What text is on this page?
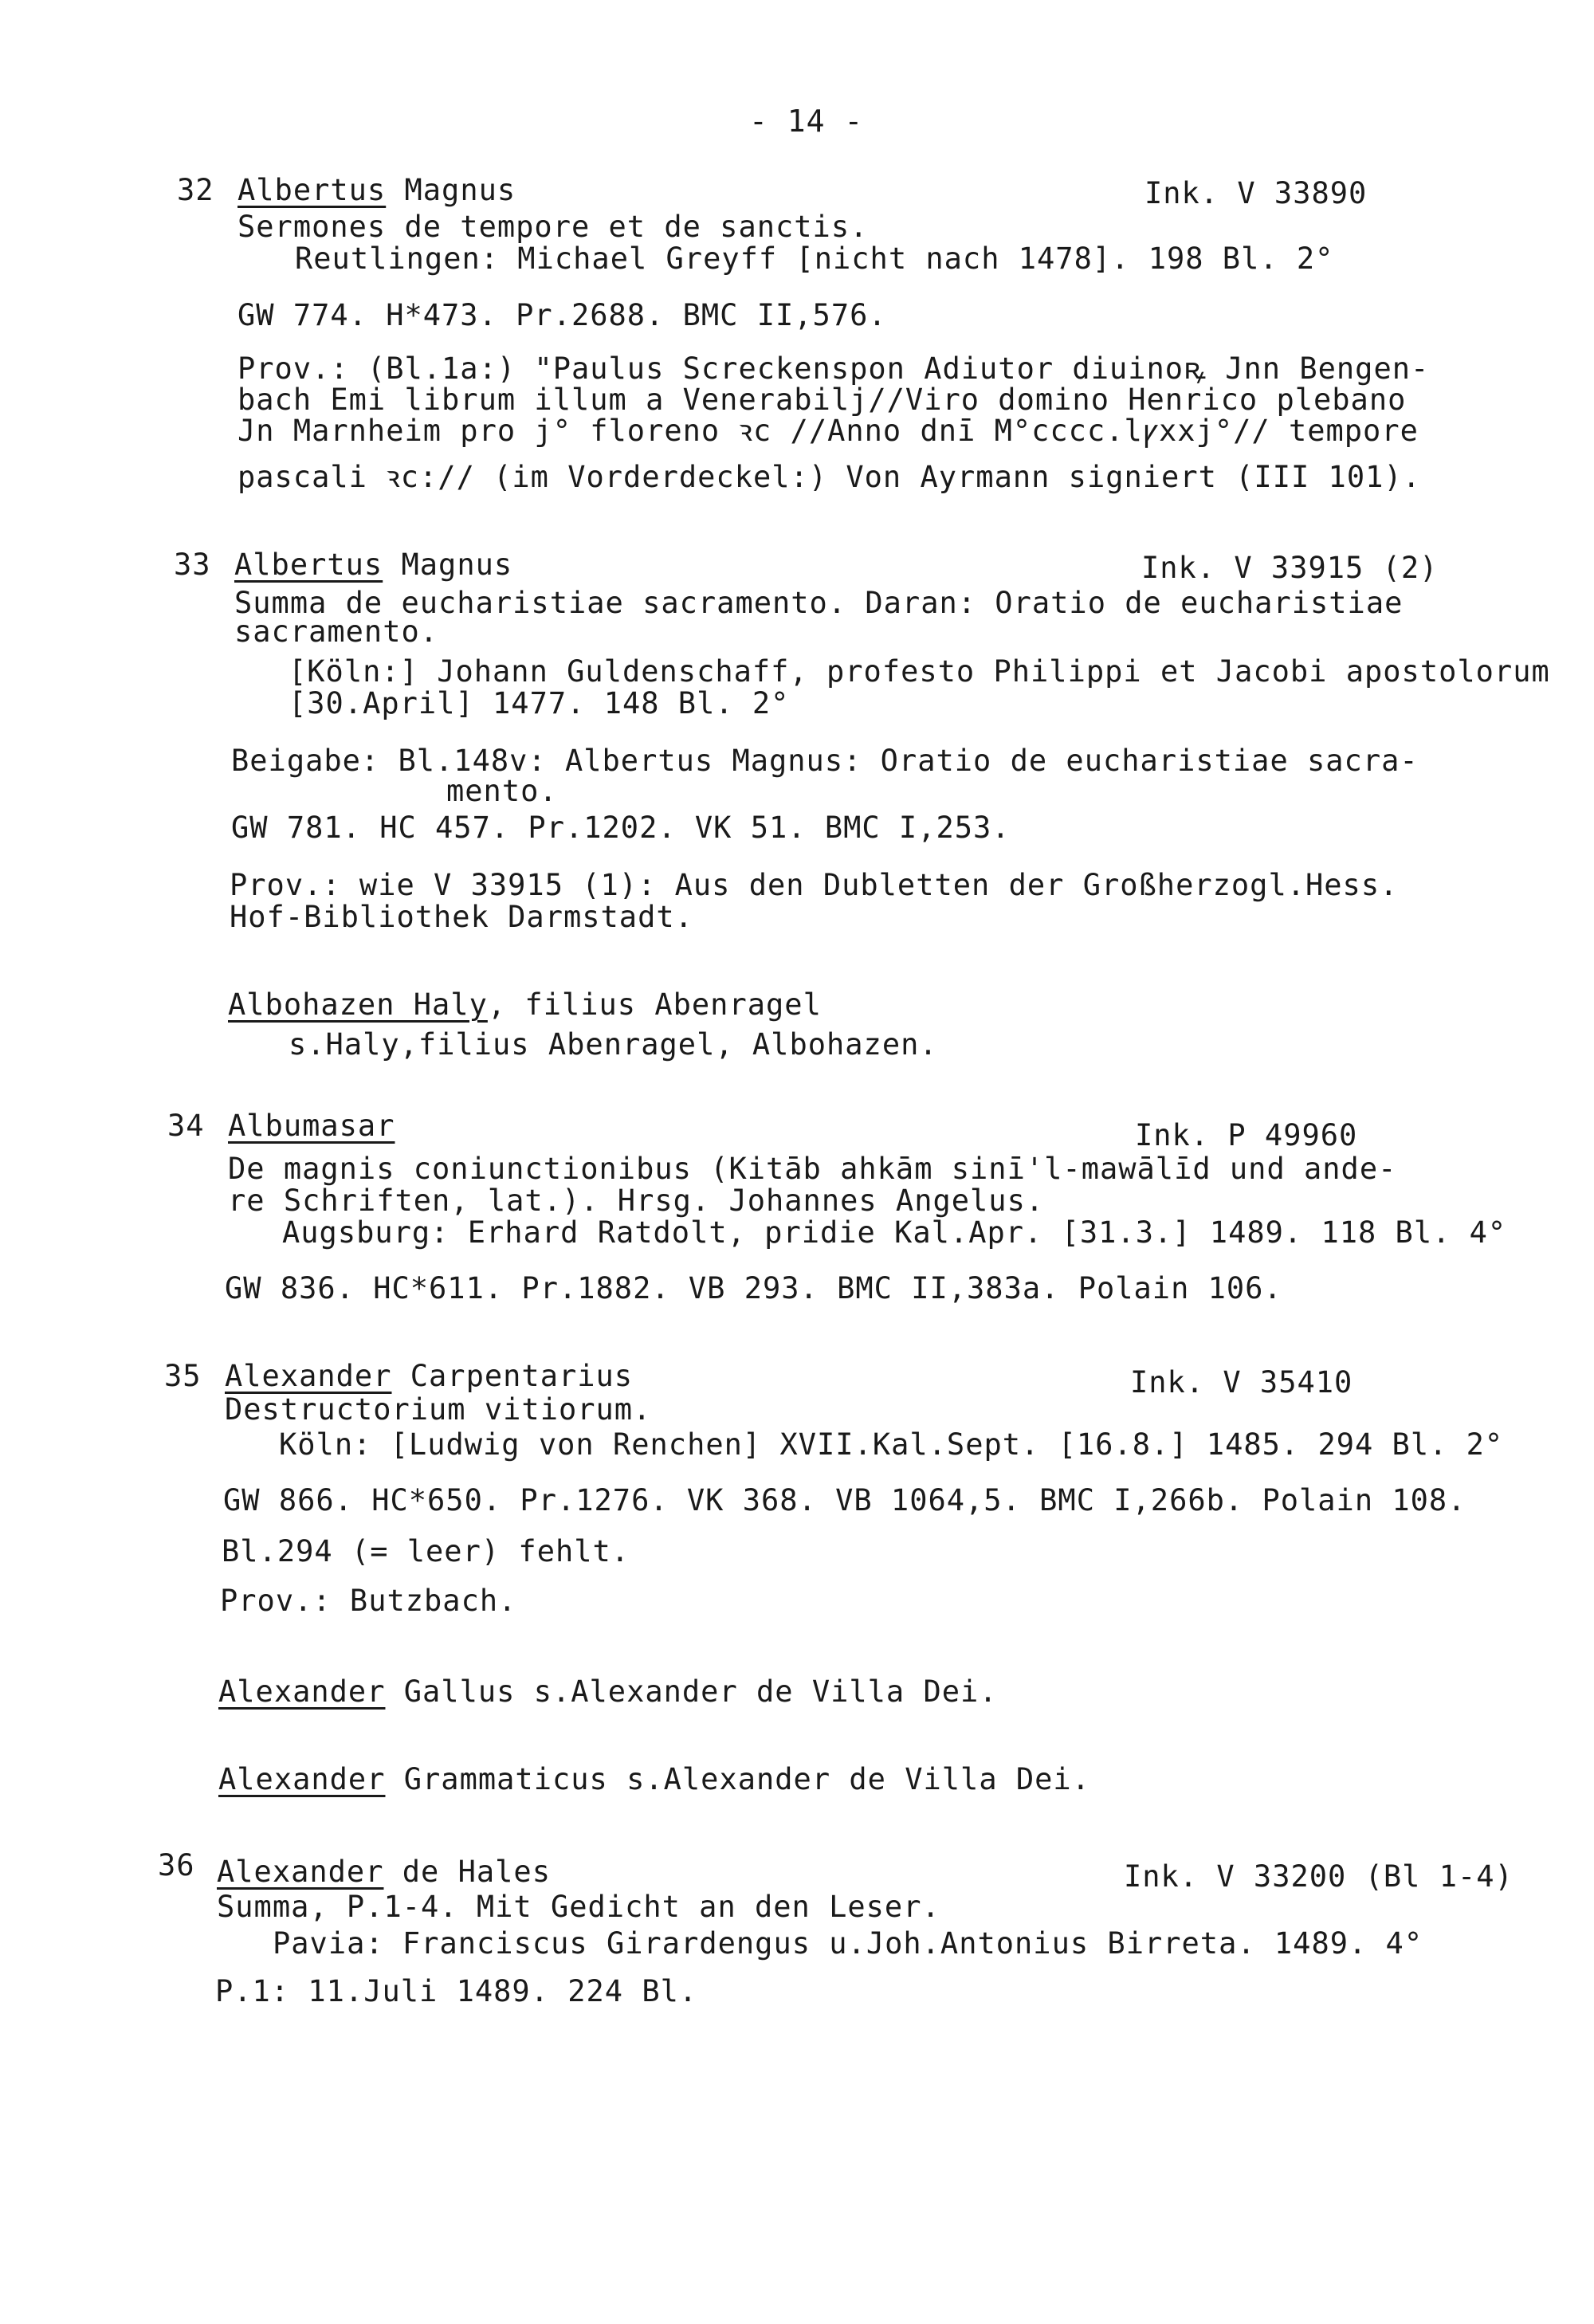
- 14 -
32 Albertus Magnus	Ink. V 33890
Sermones de tempore et de sanctis.
Reutlingen: Michael Greyff [nicht nach 1478]. 198 Bl. 2°
GW 774. H*473. Pr.2688. BMC II,576.
Prov.: (Bl.1a:) "Paulus Screckenspon Adiutor diuinoꝶ Jnn Bengen-
bach Emi librum illum a Venerabilj//Viro domino Henrico plebano
Jn Marnheim pro j° floreno ꝛc //Anno dnī M°cccc.lꝩxxj°// tempore
pascali ꝛc:// (im Vorderdeckel:) Von Ayrmann signiert (III 101).
33 Albertus Magnus	Ink. V 33915 (2)
Summa de eucharistiae sacramento. Daran: Oratio de eucharistiae
sacramento.
[Köln:] Johann Guldenschaff, profesto Philippi et Jacobi apostolorum
[30.April] 1477. 148 Bl. 2°
Beigabe: Bl.148v: Albertus Magnus: Oratio de eucharistiae sacra-
mento.
GW 781. HC 457. Pr.1202. VK 51. BMC I,253.
Prov.: wie V 33915 (1): Aus den Dubletten der Großherzogl.Hess.
Hof-Bibliothek Darmstadt.
Albohazen Haly, filius Abenragel
s.Haly,filius Abenragel, Albohazen.
34 Albumasar	Ink. P 49960
De magnis coniunctionibus (Kitāb ahkām sinī'l-mawālīd und ande-
re Schriften, lat.). Hrsg. Johannes Angelus.
Augsburg: Erhard Ratdolt, pridie Kal.Apr. [31.3.] 1489. 118 Bl. 4°
GW 836. HC*611. Pr.1882. VB 293. BMC II,383a. Polain 106.
35 Alexander Carpentarius	Ink. V 35410
Destructorium vitiorum.
Köln: [Ludwig von Renchen] XVII.Kal.Sept. [16.8.] 1485. 294 Bl. 2°
GW 866. HC*650. Pr.1276. VK 368. VB 1064,5. BMC I,266b. Polain 108.
Bl.294 (= leer) fehlt.
Prov.: Butzbach.
Alexander Gallus s.Alexander de Villa Dei.
Alexander Grammaticus s.Alexander de Villa Dei.
36 Alexander de Hales	Ink. V 33200 (Bl 1-4)
Summa, P.1-4. Mit Gedicht an den Leser.
Pavia: Franciscus Girardengus u.Joh.Antonius Birreta. 1489. 4°
P.1: 11.Juli 1489. 224 Bl.
